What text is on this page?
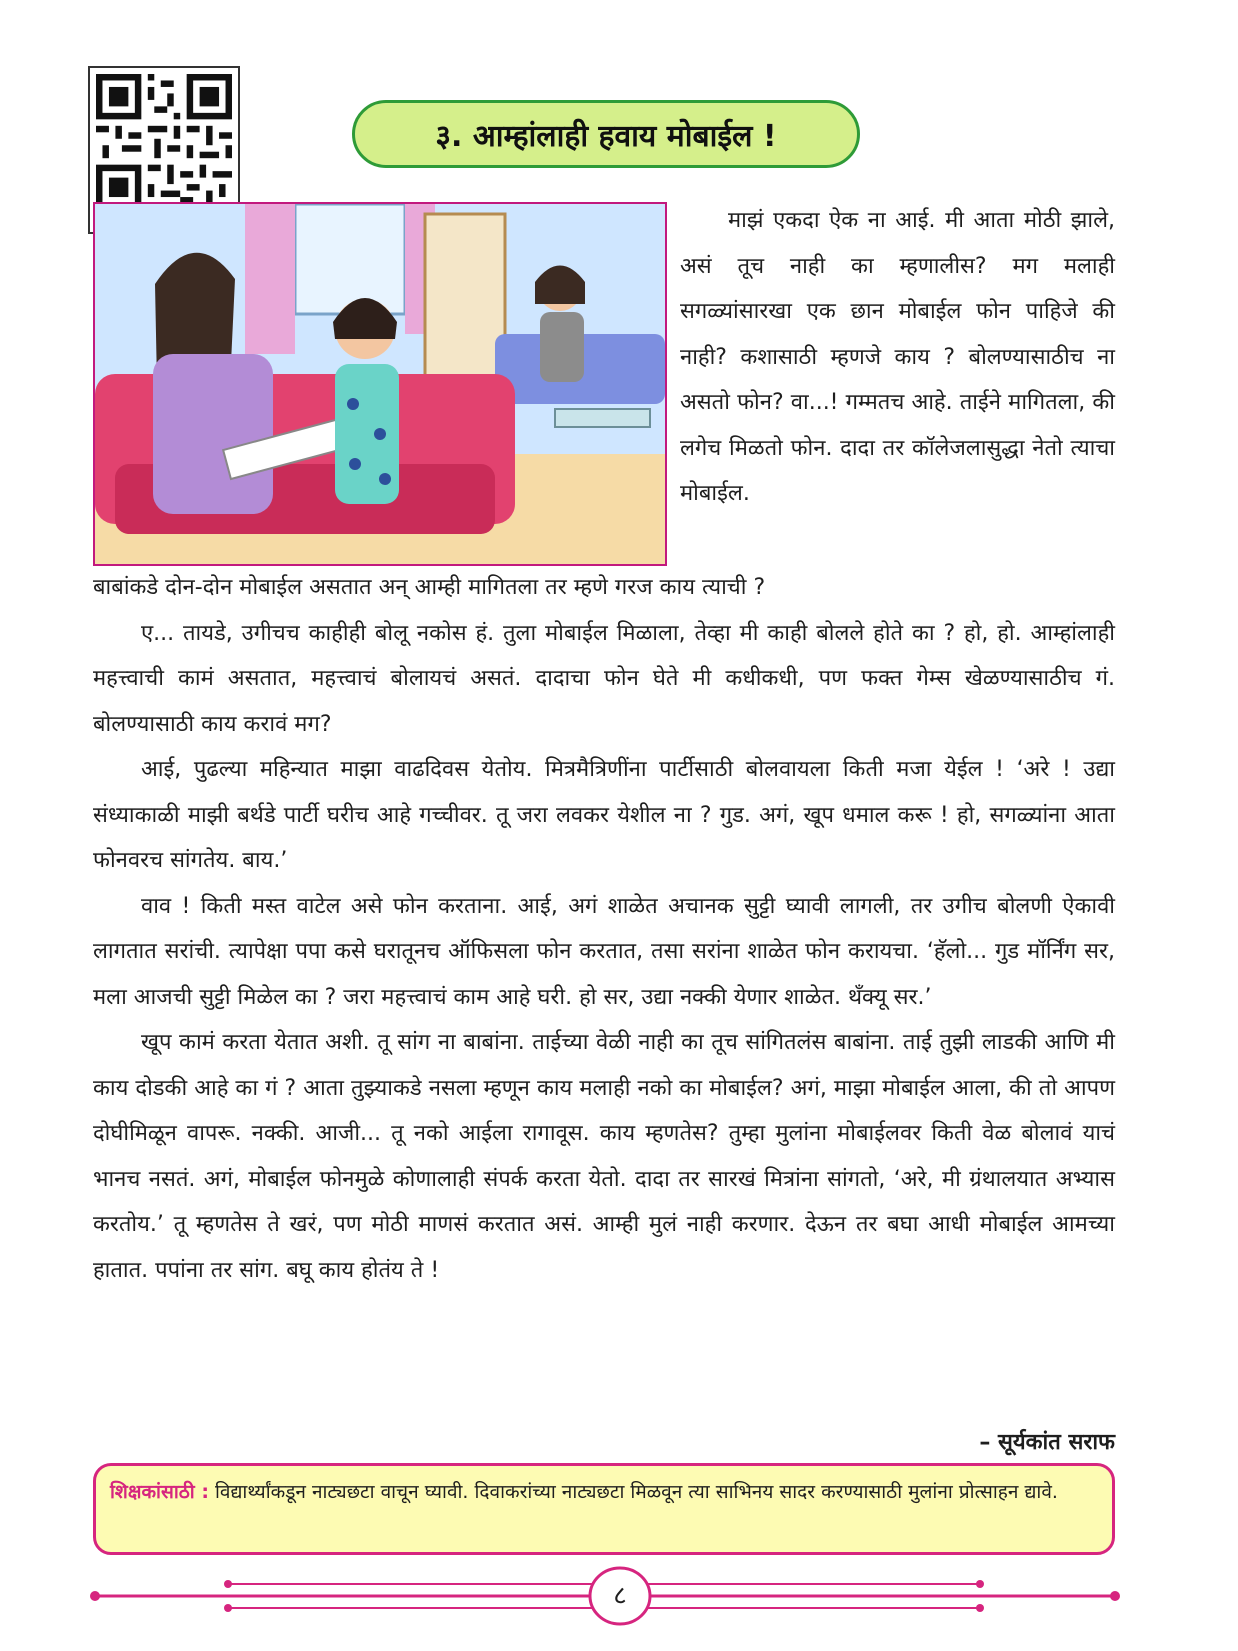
३. आम्हांलाही हवाय मोबाईल !

माझं एकदा ऐक ना आई. मी आता मोठी झाले, असं तूच नाही का म्हणालीस? मग मलाही सगळ्यांसारखा एक छान मोबाईल फोन पाहिजे की नाही? कशासाठी म्हणजे काय ? बोलण्यासाठीच ना असतो फोन? वा...! गम्मतच आहे. ताईने मागितला, की लगेच मिळतो फोन. दादा तर कॉलेजलासुद्धा नेतो त्याचा मोबाईल.

बाबांकडे दोन-दोन मोबाईल असतात अन् आम्ही मागितला तर म्हणे गरज काय त्याची ?

ए... तायडे, उगीचच काहीही बोलू नकोस हं. तुला मोबाईल मिळाला, तेव्हा मी काही बोलले होते का ? हो, हो. आम्हांलाही महत्त्वाची कामं असतात, महत्त्वाचं बोलायचं असतं. दादाचा फोन घेते मी कधीकधी, पण फक्त गेम्स खेळण्यासाठीच गं. बोलण्यासाठी काय करावं मग?

आई, पुढल्या महिन्यात माझा वाढदिवस येतोय. मित्रमैत्रिणींना पार्टीसाठी बोलवायला किती मजा येईल ! ‘अरे ! उद्या संध्याकाळी माझी बर्थडे पार्टी घरीच आहे गच्चीवर. तू जरा लवकर येशील ना ? गुड. अगं, खूप धमाल करू ! हो, सगळ्यांना आता फोनवरच सांगतेय. बाय.’

वाव ! किती मस्त वाटेल असे फोन करताना. आई, अगं शाळेत अचानक सुट्टी घ्यावी लागली, तर उगीच बोलणी ऐकावी लागतात सरांची. त्यापेक्षा पपा कसे घरातूनच ऑफिसला फोन करतात, तसा सरांना शाळेत फोन करायचा. ‘हॅलो... गुड मॉर्निंग सर, मला आजची सुट्टी मिळेल का ? जरा महत्त्वाचं काम आहे घरी. हो सर, उद्या नक्की येणार शाळेत. थँक्यू सर.’

खूप कामं करता येतात अशी. तू सांग ना बाबांना. ताईच्या वेळी नाही का तूच सांगितलंस बाबांना. ताई तुझी लाडकी आणि मी काय दोडकी आहे का गं ? आता तुझ्याकडे नसला म्हणून काय मलाही नको का मोबाईल? अगं, माझा मोबाईल आला, की तो आपण दोघीमिळून वापरू. नक्की. आजी... तू नको आईला रागावूस. काय म्हणतेस? तुम्हा मुलांना मोबाईलवर किती वेळ बोलावं याचं भानच नसतं. अगं, मोबाईल फोनमुळे कोणालाही संपर्क करता येतो. दादा तर सारखं मित्रांना सांगतो, ‘अरे, मी ग्रंथालयात अभ्यास करतोय.’ तू म्हणतेस ते खरं, पण मोठी माणसं करतात असं. आम्ही मुलं नाही करणार. देऊन तर बघा आधी मोबाईल आमच्या हातात. पपांना तर सांग. बघू काय होतंय ते !

– सूर्यकांत सराफ
शिक्षकांसाठी : विद्यार्थ्यांकडून नाट्यछटा वाचून घ्यावी. दिवाकरांच्या नाट्यछटा मिळवून त्या साभिनय सादर करण्यासाठी मुलांना प्रोत्साहन द्यावे.
८
